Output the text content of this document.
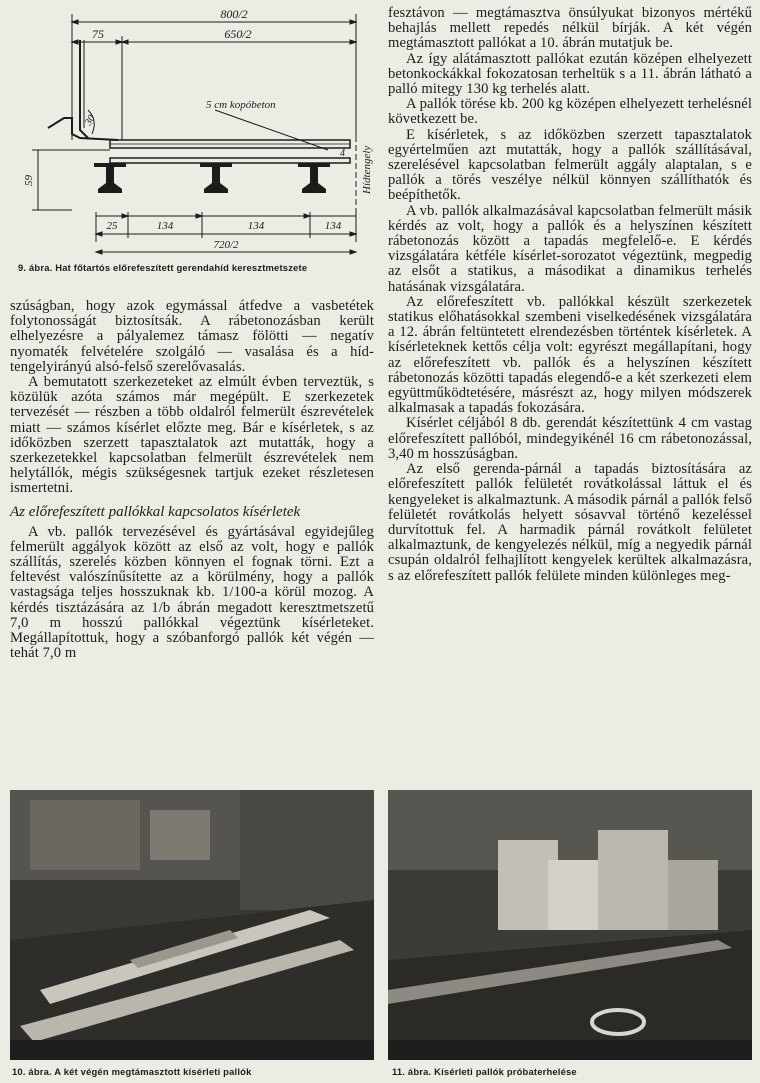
800/2
75	650/2
5 cm kopóbeton
30
59
4 Hídtengely
25	134	134	134
720/2
9. ábra. Hat főtartós előrefeszített gerendahíd keresztmetszete

szúságban, hogy azok egymással átfedve a vasbetétek folytonosságát biztosítsák. A rábetonozásban került elhelyezésre a pályalemez támasz fölötti — negatív nyomaték felvételére szolgáló — vasalása és a híd-tengelyirányú alsó-felső szerelővasalás.

A bemutatott szerkezeteket az elmúlt évben terveztük, s közülük azóta számos már megépült. E szerkezetek tervezését — részben a több oldalról felmerült észrevételek miatt — számos kísérlet előzte meg. Bár e kísérletek, s az időközben szerzett tapasztalatok azt mutatták, hogy a szerkezetekkel kapcsolatban felmerült észrevételek nem helytállók, mégis szükségesnek tartjuk ezeket részletesen ismertetni.

Az előrefeszített pallókkal kapcsolatos kísérletek

A vb. pallók tervezésével és gyártásával egyidejűleg felmerült aggályok között az első az volt, hogy e pallók szállítás, szerelés közben könnyen el fognak törni. Ezt a feltevést valószínűsítette az a körülmény, hogy a pallók vastagsága teljes hosszuknak kb. 1/100-a körül mozog. A kérdés tisztázására az 1/b ábrán megadott keresztmetszetű 7,0 m hosszú pallókkal végeztünk kísérleteket. Megállapítottuk, hogy a szóbanforgó pallók két végén — tehát 7,0 m

fesztávon — megtámasztva önsúlyukat bizonyos mértékű behajlás mellett repedés nélkül bírják. A két végén megtámasztott pallókat a 10. ábrán mutatjuk be.

Az így alátámasztott pallókat ezután középen elhelyezett betonkockákkal fokozatosan terheltük s a 11. ábrán látható a palló mitegy 130 kg terhelés alatt.

A pallók törése kb. 200 kg középen elhelyezett terhelésnél következett be.

E kísérletek, s az időközben szerzett tapasztalatok egyértelműen azt mutatták, hogy a pallók szállításával, szerelésével kapcsolatban felmerült aggály alaptalan, s e pallók a törés veszélye nélkül könnyen szállíthatók és beépíthetők.

A vb. pallók alkalmazásával kapcsolatban felmerült másik kérdés az volt, hogy a pallók és a helyszínen készített rábetonozás között a tapadás megfelelő-e. E kérdés vizsgálatára kétféle kísérlet-sorozatot végeztünk, megpedig az elsőt a statikus, a másodikat a dinamikus terhelés hatásának vizsgálatára.

Az előrefeszített vb. pallókkal készült szerkezetek statikus előhatásokkal szembeni viselkedésének vizsgálatára a 12. ábrán feltüntetett elrendezésben történtek kísérletek. A kísérleteknek kettős célja volt: egyrészt megállapítani, hogy az előrefeszített vb. pallók és a helyszínen készített rábetonozás közötti tapadás elegendő-e a két szerkezeti elem együttműködtetésére, másrészt az, hogy milyen módszerek alkalmasak a tapadás fokozására.

Kísérlet céljából 8 db. gerendát készítettünk 4 cm vastag előrefeszített pallóból, mindegyikénél 16 cm rábetonozással, 3,40 m hosszúságban.

Az első gerenda-párnál a tapadás biztosítására az előrefeszített pallók felületét rovátkolással láttuk el és kengyeleket is alkalmaztunk. A második párnál a pallók felső felületét rovátkolás helyett sósavval történő kezeléssel durvítottuk fel. A harmadik párnál rovátkolt felületet alkalmaztunk, de kengyelezés nélkül, míg a negyedik párnál csupán oldalról felhajlított kengyelek kerültek alkalmazásra, s az előrefeszített pallók felülete minden különleges meg-

10. ábra. A két végén megtámasztott kísérleti pallók	11. ábra. Kísérleti pallók próbaterhelése
